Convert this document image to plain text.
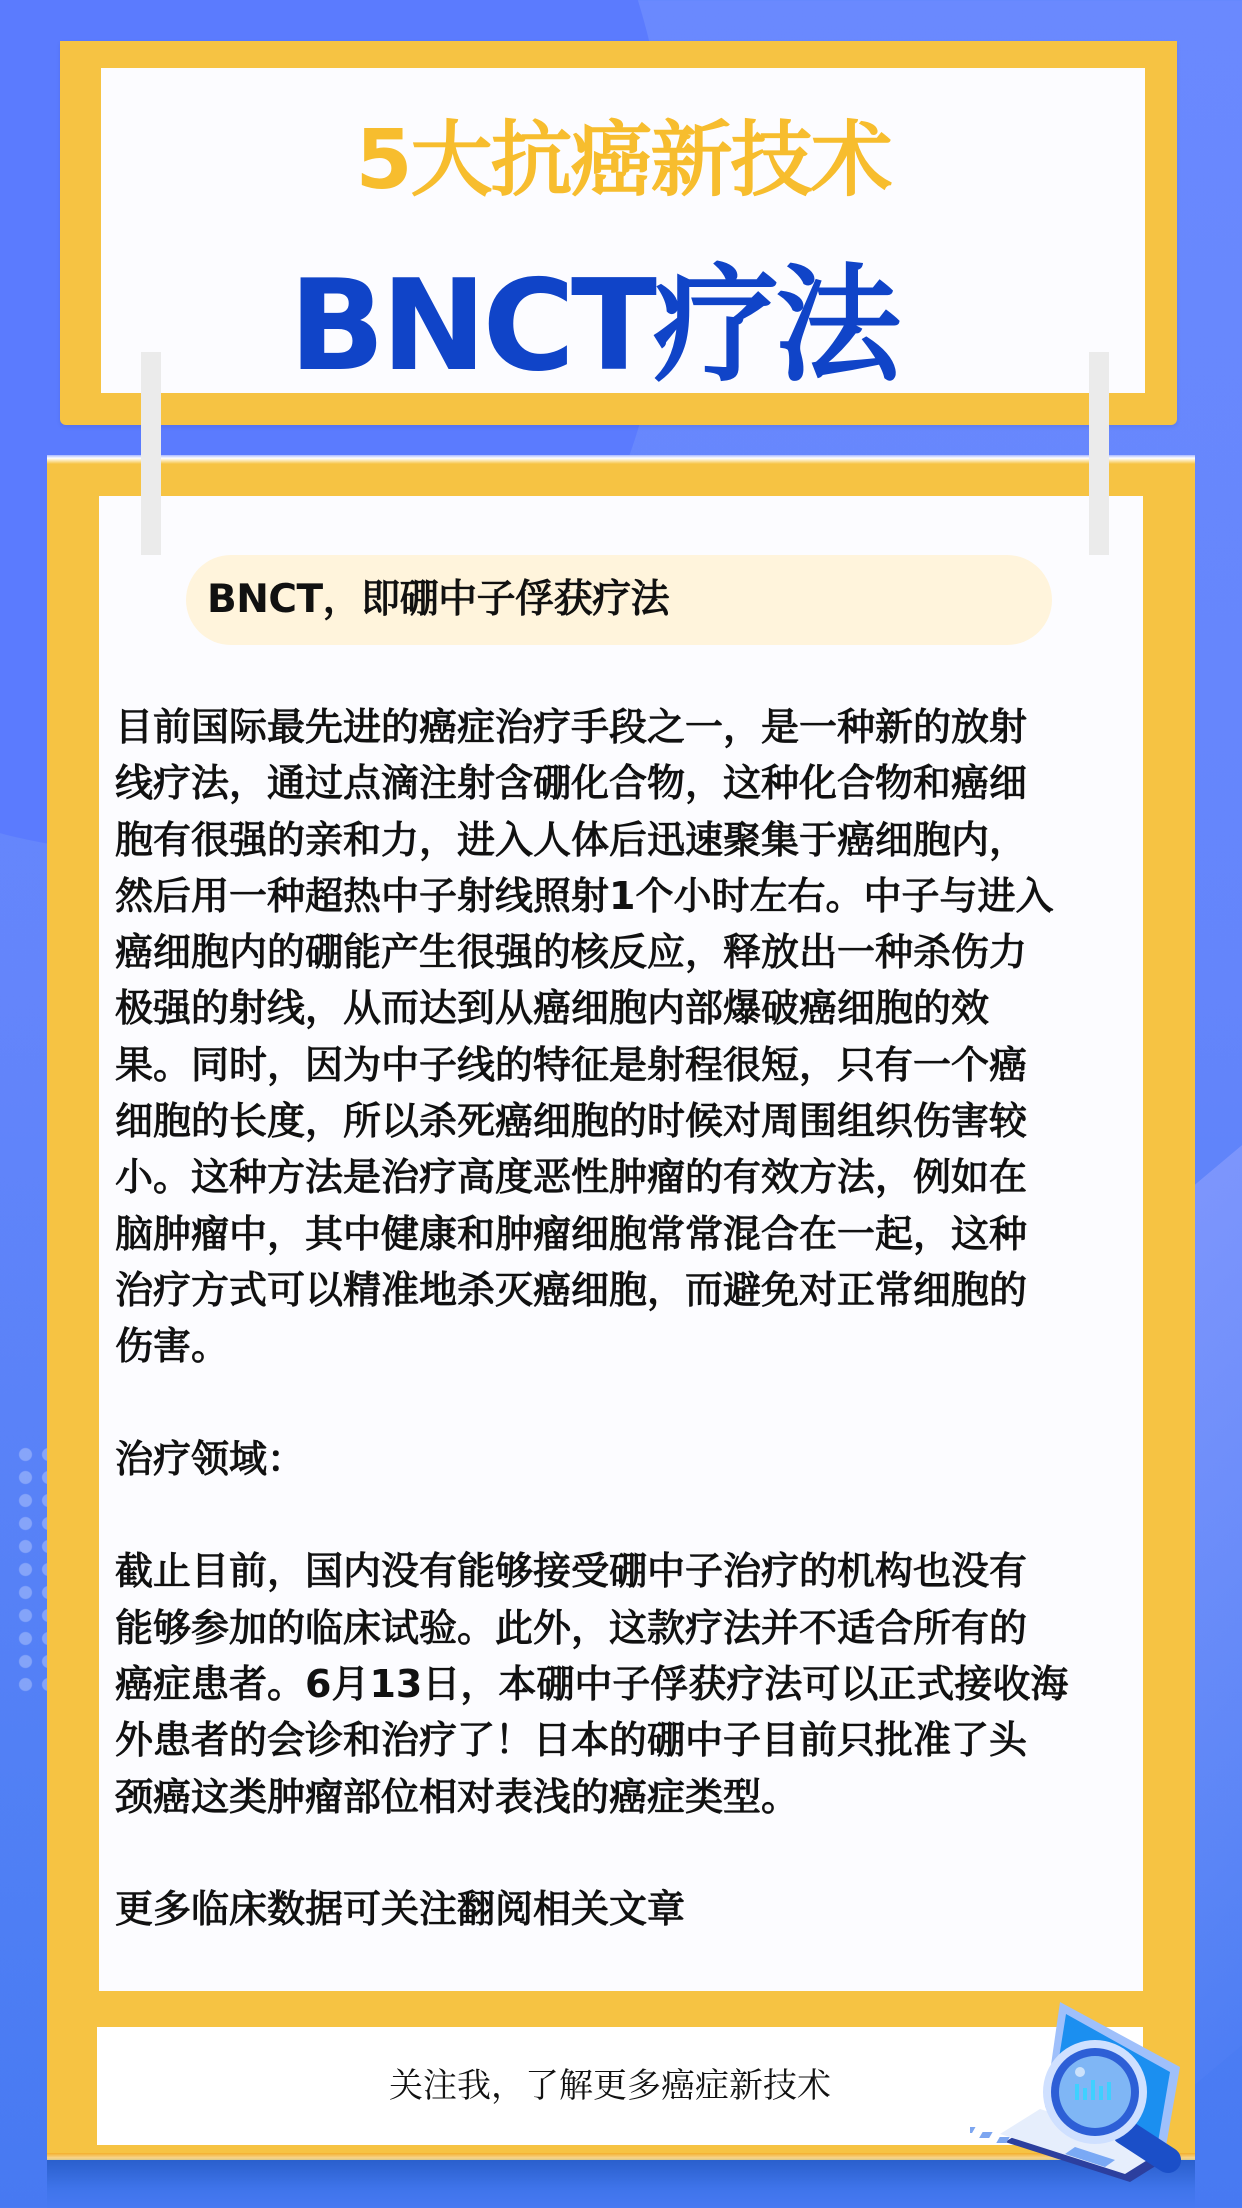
5大抗癌新技术
BNCT疗法
BNCT，即硼中子俘获疗法
目前国际最先进的癌症治疗手段之一，是一种新的放射
线疗法，通过点滴注射含硼化合物，这种化合物和癌细
胞有很强的亲和力，进入人体后迅速聚集于癌细胞内，
然后用一种超热中子射线照射1个小时左右。中子与进入
癌细胞内的硼能产生很强的核反应，释放出一种杀伤力
极强的射线，从而达到从癌细胞内部爆破癌细胞的效
果。同时，因为中子线的特征是射程很短，只有一个癌
细胞的长度，所以杀死癌细胞的时候对周围组织伤害较
小。这种方法是治疗高度恶性肿瘤的有效方法，例如在
脑肿瘤中，其中健康和肿瘤细胞常常混合在一起，这种
治疗方式可以精准地杀灭癌细胞，而避免对正常细胞的
伤害。
治疗领域：
截止目前，国内没有能够接受硼中子治疗的机构也没有
能够参加的临床试验。此外，这款疗法并不适合所有的
癌症患者。6月13日，本硼中子俘获疗法可以正式接收海
外患者的会诊和治疗了！日本的硼中子目前只批准了头
颈癌这类肿瘤部位相对表浅的癌症类型。
更多临床数据可关注翻阅相关文章
关注我，了解更多癌症新技术
